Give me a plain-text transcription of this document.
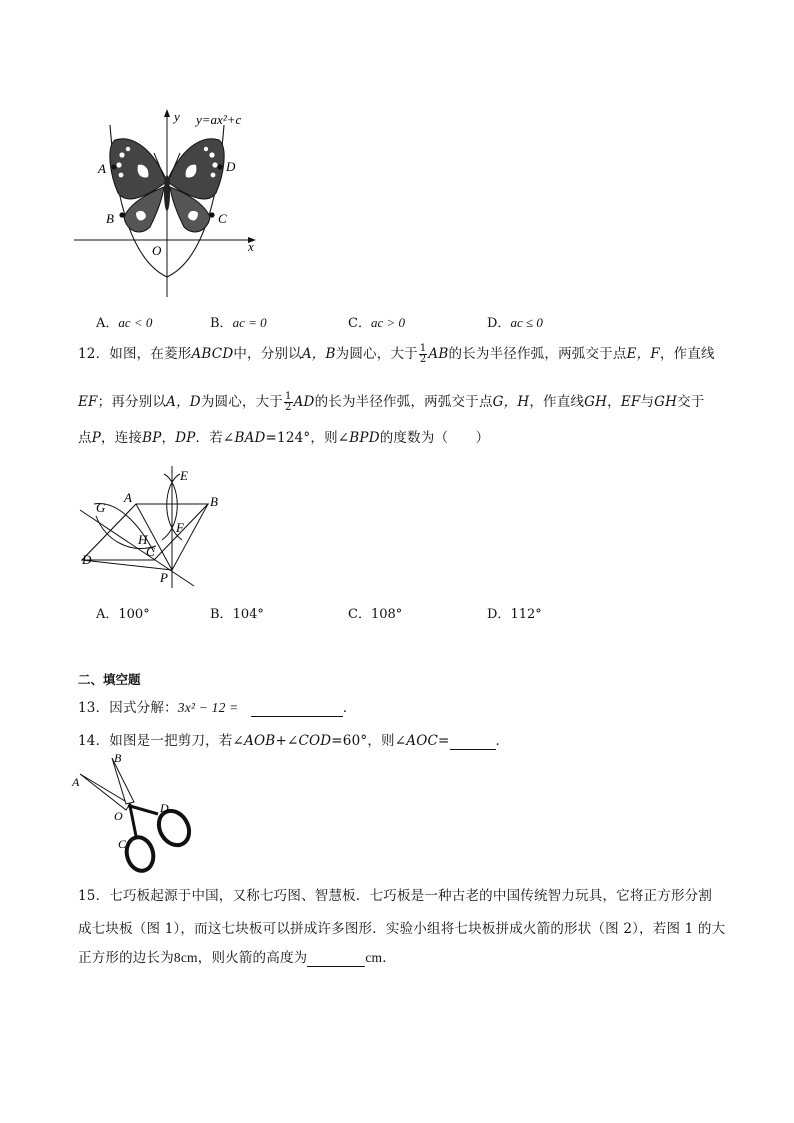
y y=ax²+c
A	D
B	C
O	x
A．ac < 0	B．ac = 0	C．ac > 0	D．ac ≤ 0
12．如图，在菱形ABCD中，分别以A，B为圆心，大于 $\frac{1}{2}$ AB的长为半径作弧，两弧交于点E，F，作直线
EF；再分别以A，D为圆心，大于 $\frac{1}{2}$ AD的长为半径作弧，两弧交于点G，H，作直线GH，EF与GH交于
点P，连接BP，DP．若∠BAD=124°，则∠BPD的度数为（　　）
E
A	B
G
F
H
C
D
P
A．100°	B．104°	C．108°	D．112°
二、填空题
13．因式分解：3x² − 12 =	．
14．如图是一把剪刀，若∠AOB+∠COD=60°，则∠AOC=	．
B
A
D
O
C
15．七巧板起源于中国，又称七巧图、智慧板．七巧板是一种古老的中国传统智力玩具，它将正方形分割
成七块板（图 1），而这七块板可以拼成许多图形．实验小组将七块板拼成火箭的形状（图 2），若图 1 的大
正方形的边长为8cm，则火箭的高度为	cm．
